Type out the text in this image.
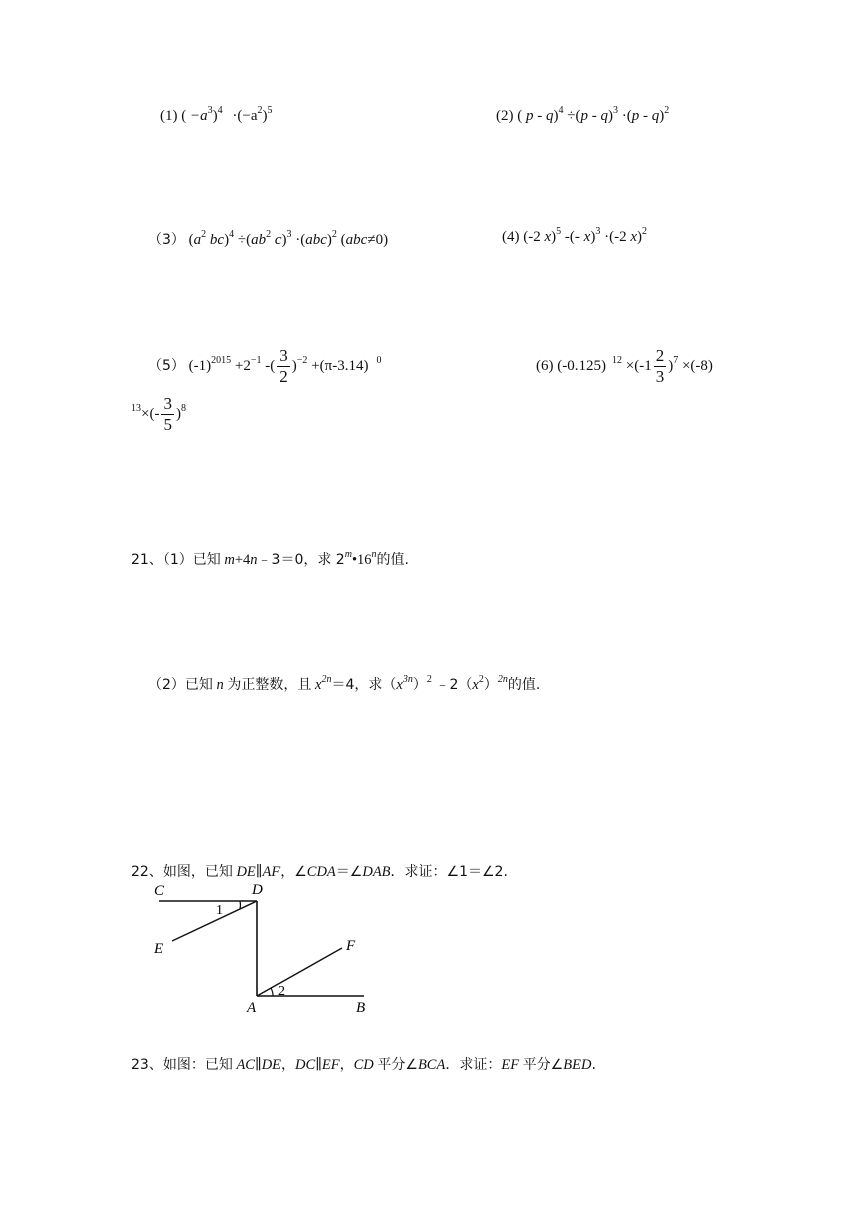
(1) ( $-a^3)^4 \cdot(-a^2)^5$	(2) ( p - q)$^4$ ÷(p - q)$^3$ ·(p - q)$^2$
（3） ($a^2$ $bc)^4 \div(ab^2$ c)$^3$ ·(abc)$^2$ (abc≠0)	(4) (-2 x)$^5$ -(- x)$^3$ ·(-2 x)$^2$
（5） $(-1)^{2015} +2^{-1}$ -( $\frac{3}{2} )^{-2} +(\pi-3.14)$ $^0$	(6) (-0.125) $^{12} \times(-1 \frac{2}{3} )^7 \times(-8)$
$^{13}\times(- \frac{3}{5} )^8$
21、（1）已知 m+4n﹣3＝0，求 2$^m$•16$^n$的值.
（2）已知 n 为正整数，且 $x^{2n}=4$，求$(x^{3n})^2$ $﹣2(x^2)^{2n}$的值.
22、如图，已知 DE∥AF，∠CDA＝∠DAB．求证：∠1＝∠2.
C	D
E	F
A	B
1
2
23、如图：已知 AC∥DE，DC∥EF，CD 平分∠BCA．求证：EF 平分∠BED.
